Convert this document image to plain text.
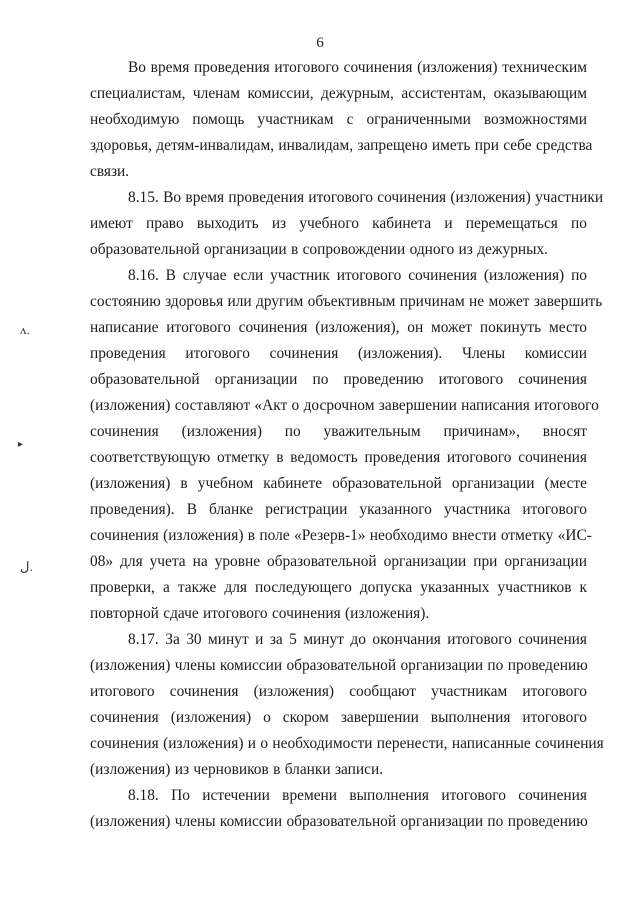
6
Во время проведения итогового сочинения (изложения) техническим
специалистам, членам комиссии, дежурным, ассистентам, оказывающим
необходимую помощь участникам с ограниченными возможностями
здоровья, детям-инвалидам, инвалидам, запрещено иметь при себе средства
связи.
8.15. Во время проведения итогового сочинения (изложения) участники
имеют право выходить из учебного кабинета и перемещаться по
образовательной организации в сопровождении одного из дежурных.
8.16. В случае если участник итогового сочинения (изложения) по
состоянию здоровья или другим объективным причинам не может завершить
написание итогового сочинения (изложения), он может покинуть место
проведения итогового сочинения (изложения). Члены комиссии
образовательной организации по проведению итогового сочинения
(изложения) составляют «Акт о досрочном завершении написания итогового
сочинения (изложения) по уважительным причинам», вносят
соответствующую отметку в ведомость проведения итогового сочинения
(изложения) в учебном кабинете образовательной организации (месте
проведения). В бланке регистрации указанного участника итогового
сочинения (изложения) в поле «Резерв-1» необходимо внести отметку «ИС-
08» для учета на уровне образовательной организации при организации
проверки, а также для последующего допуска указанных участников к
повторной сдаче итогового сочинения (изложения).
8.17. За 30 минут и за 5 минут до окончания итогового сочинения
(изложения) члены комиссии образовательной организации по проведению
итогового сочинения (изложения) сообщают участникам итогового
сочинения (изложения) о скором завершении выполнения итогового
сочинения (изложения) и о необходимости перенести, написанные сочинения
(изложения) из черновиков в бланки записи.
8.18. По истечении времени выполнения итогового сочинения
(изложения) члены комиссии образовательной организации по проведению
ʌ.
▸
ل.
